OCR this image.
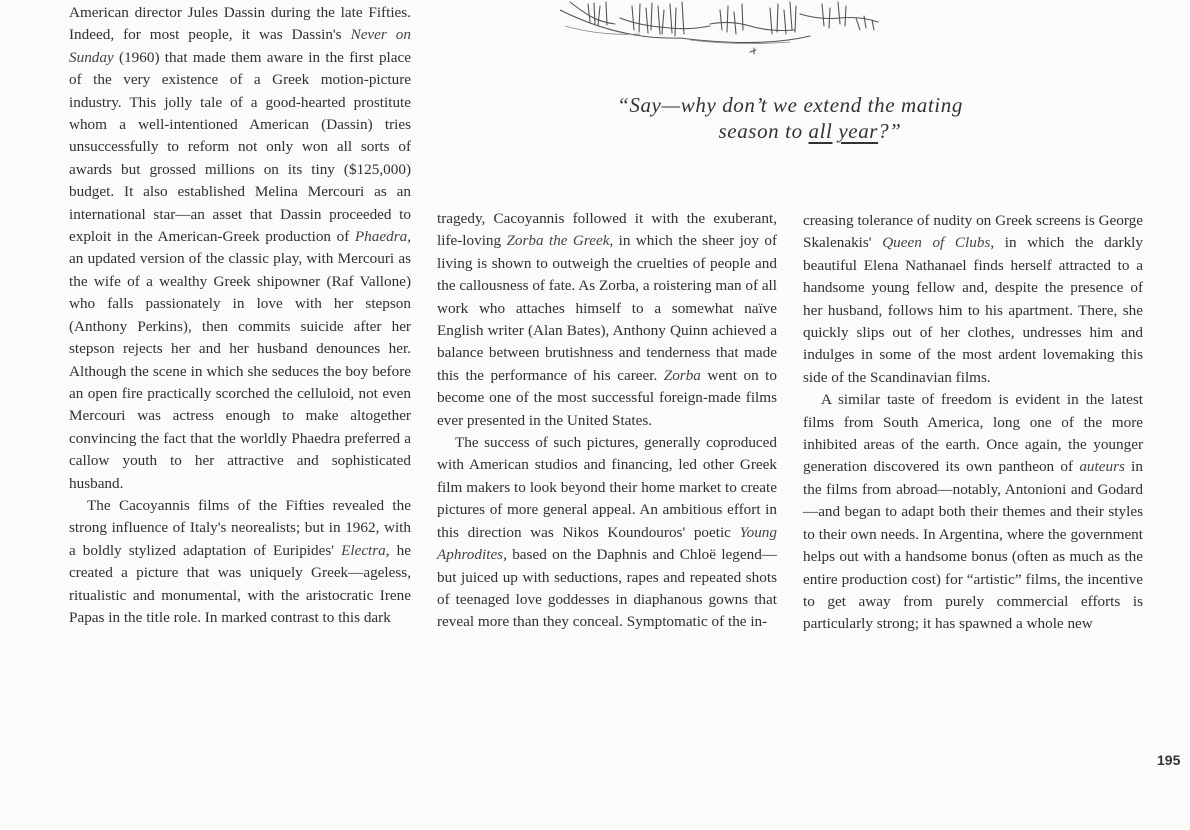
“Say—why don’t we extend the mating

season to all year?”

American director Jules Dassin during the late Fifties. Indeed, for most people, it was Dassin's Never on Sunday (1960) that made them aware in the first place of the very existence of a Greek motion-picture industry. This jolly tale of a good-hearted prostitute whom a well-intentioned American (Dassin) tries unsuccessfully to reform not only won all sorts of awards but grossed millions on its tiny ($125,000) budget. It also established Melina Mercouri as an international star—an asset that Dassin proceeded to exploit in the American-Greek production of Phaedra, an updated version of the classic play, with Mercouri as the wife of a wealthy Greek shipowner (Raf Vallone) who falls passionately in love with her stepson (Anthony Perkins), then commits suicide after her stepson rejects her and her husband denounces her. Although the scene in which she seduces the boy before an open fire practically scorched the celluloid, not even Mercouri was actress enough to make altogether convincing the fact that the worldly Phaedra preferred a callow youth to her attractive and sophisticated husband.

The Cacoyannis films of the Fifties revealed the strong influence of Italy's neorealists; but in 1962, with a boldly stylized adaptation of Euripides' Electra, he created a picture that was uniquely Greek—ageless, ritualistic and monumental, with the aristocratic Irene Papas in the title role. In marked contrast to this dark

tragedy, Cacoyannis followed it with the exuberant, life-loving Zorba the Greek, in which the sheer joy of living is shown to outweigh the cruelties of people and the callousness of fate. As Zorba, a roistering man of all work who attaches himself to a somewhat naïve English writer (Alan Bates), Anthony Quinn achieved a balance between brutishness and tenderness that made this the performance of his career. Zorba went on to become one of the most successful foreign-made films ever presented in the United States.

The success of such pictures, generally coproduced with American studios and financing, led other Greek film makers to look beyond their home market to create pictures of more general appeal. An ambitious effort in this direction was Nikos Koundouros' poetic Young Aphrodites, based on the Daphnis and Chloë legend—but juiced up with seductions, rapes and repeated shots of teenaged love goddesses in diaphanous gowns that reveal more than they conceal. Symptomatic of the in-

creasing tolerance of nudity on Greek screens is George Skalenakis' Queen of Clubs, in which the darkly beautiful Elena Nathanael finds herself attracted to a handsome young fellow and, despite the presence of her husband, follows him to his apartment. There, she quickly slips out of her clothes, undresses him and indulges in some of the most ardent lovemaking this side of the Scandinavian films.

A similar taste of freedom is evident in the latest films from South America, long one of the more inhibited areas of the earth. Once again, the younger generation discovered its own pantheon of auteurs in the films from abroad—notably, Antonioni and Godard—and began to adapt both their themes and their styles to their own needs. In Argentina, where the government helps out with a handsome bonus (often as much as the entire production cost) for “artistic” films, the incentive to get away from purely commercial efforts is particularly strong; it has spawned a whole new

195
